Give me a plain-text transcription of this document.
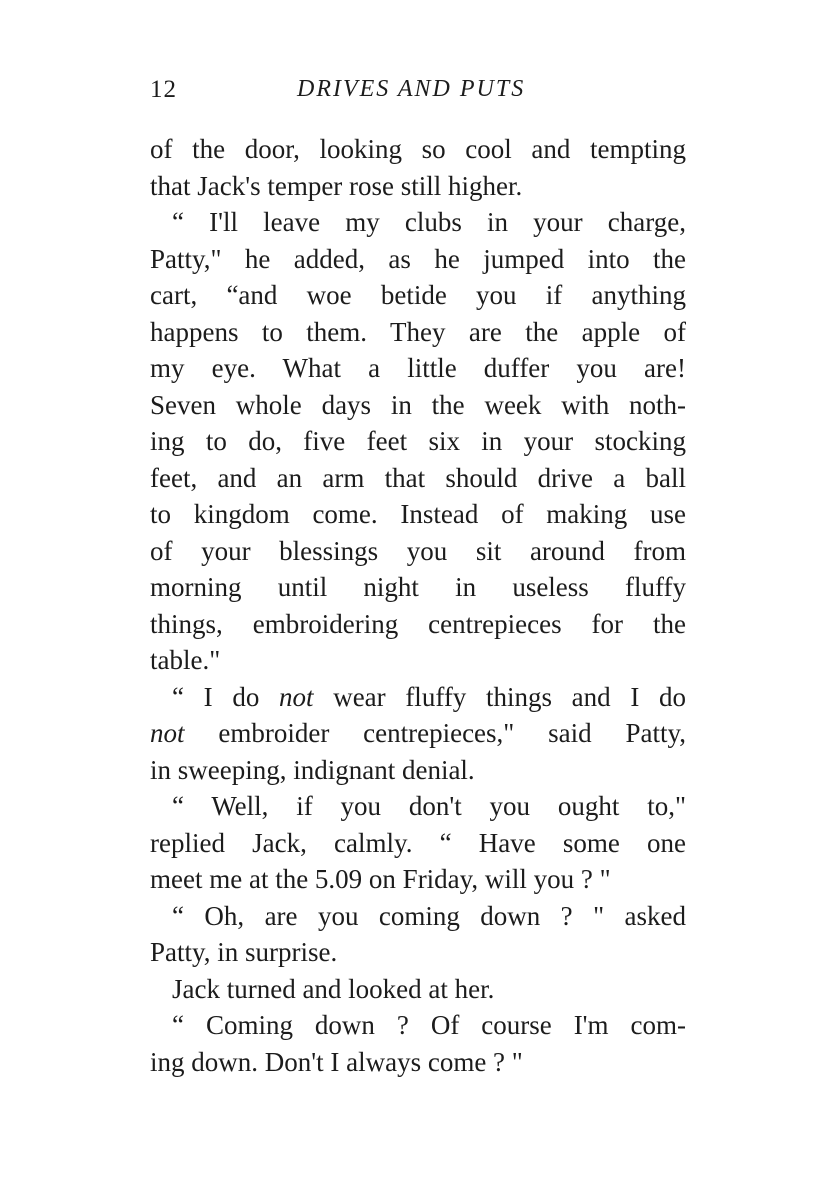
12	DRIVES AND PUTS
of the door, looking so cool and tempting
that Jack's temper rose still higher.
“ I'll leave my clubs in your charge,
Patty," he added, as he jumped into the
cart, “and woe betide you if anything
happens to them. They are the apple of
my eye. What a little duffer you are!
Seven whole days in the week with noth-
ing to do, five feet six in your stocking
feet, and an arm that should drive a ball
to kingdom come. Instead of making use
of your blessings you sit around from
morning until night in useless fluffy
things, embroidering centrepieces for the
table."
“ I do not wear fluffy things and I do
not embroider centrepieces," said Patty,
in sweeping, indignant denial.
“ Well, if you don't you ought to,"
replied Jack, calmly. “ Have some one
meet me at the 5.09 on Friday, will you ? "
“ Oh, are you coming down ? " asked
Patty, in surprise.
Jack turned and looked at her.
“ Coming down ? Of course I'm com-
ing down. Don't I always come ? "
